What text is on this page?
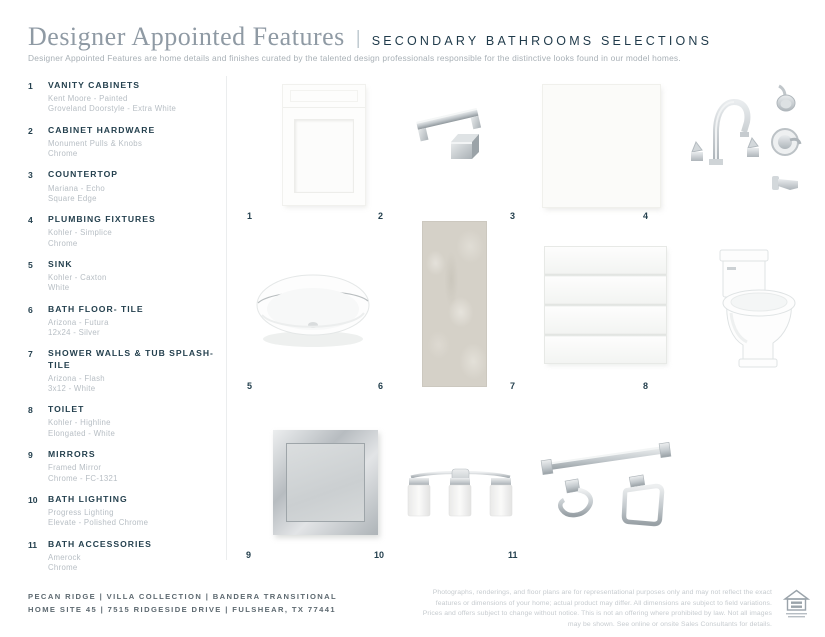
Designer Appointed Features | SECONDARY BATHROOMS SELECTIONS
Designer Appointed Features are home details and finishes curated by the talented design professionals responsible for the distinctive looks found in our model homes.
1	VANITY CABINETS
Kent Moore - Painted
Groveland Doorstyle - Extra White
2	CABINET HARDWARE
Monument Pulls & Knobs
Chrome
3	COUNTERTOP
Mariana - Echo
Square Edge
4	PLUMBING FIXTURES
Kohler - Simplice
Chrome
5	SINK
Kohler - Caxton
White
6	BATH FLOOR- TILE
Arizona - Futura
12x24 - Silver
7	SHOWER WALLS & TUB SPLASH- TILE
Arizona - Flash
3x12 - White
8	TOILET
Kohler - Highline
Elongated - White
9	MIRRORS
Framed Mirror
Chrome - FC-1321
10	BATH LIGHTING
Progress Lighting
Elevate - Polished Chrome
11	BATH ACCESSORIES
Amerock
Chrome
1	2	3	4
5	6	7	8
9	10	11
PECAN RIDGE | VILLA COLLECTION | BANDERA TRANSITIONAL
HOME SITE 45 | 7515 RIDGESIDE DRIVE | FULSHEAR, TX 77441
Photographs, renderings, and floor plans are for representational purposes only and may not reflect the exact features or dimensions of your home; actual product may differ. All dimensions are subject to field variations. Prices and offers subject to change without notice. This is not an offering where prohibited by law. Not all images may be shown. See online or onsite Sales Consultants for details.
